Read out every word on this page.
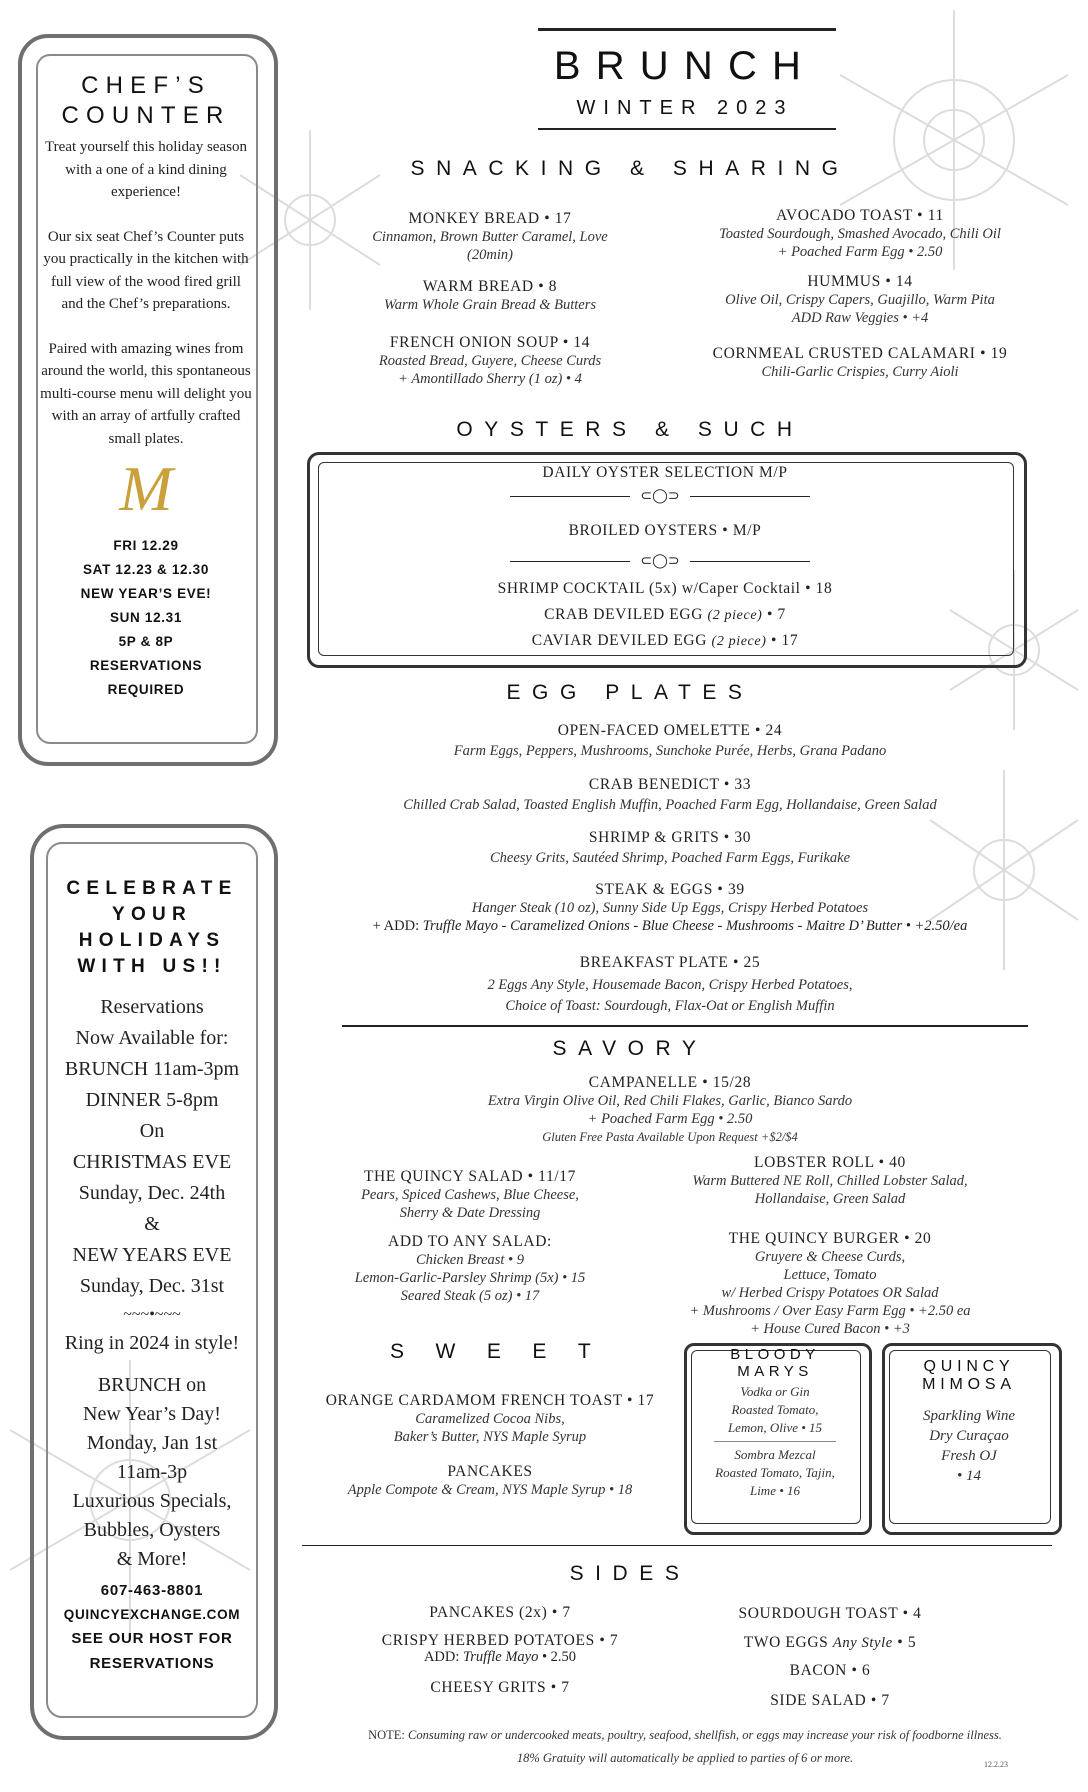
BRUNCH
WINTER 2023
CHEF’S
COUNTER
Treat yourself this holiday season with a one of a kind dining experience!
Our six seat Chef’s Counter puts you practically in the kitchen with full view of the wood fired grill and the Chef’s preparations.
Paired with amazing wines from around the world, this spontaneous multi-course menu will delight you with an array of artfully crafted small plates.
M
FRI 12.29
SAT 12.23 & 12.30
NEW YEAR’S EVE!
SUN 12.31
5P & 8P
RESERVATIONS
REQUIRED
CELEBRATE
YOUR
HOLIDAYS
WITH US!!
Reservations
Now Available for:
BRUNCH 11am-3pm
DINNER 5-8pm
On
CHRISTMAS EVE
Sunday, Dec. 24th
&
NEW YEARS EVE
Sunday, Dec. 31st
~~~•~~~
Ring in 2024 in style!
BRUNCH on
New Year’s Day!
Monday, Jan 1st
11am-3p
Luxurious Specials,
Bubbles, Oysters
& More!
607-463-8801
QUINCYEXCHANGE.COM
SEE OUR HOST FOR
RESERVATIONS
SNACKING & SHARING
MONKEY BREAD • 17
Cinnamon, Brown Butter Caramel, Love
(20min)
WARM BREAD • 8
Warm Whole Grain Bread & Butters
FRENCH ONION SOUP • 14
Roasted Bread, Guyere, Cheese Curds
+ Amontillado Sherry (1 oz) • 4
AVOCADO TOAST • 11
Toasted Sourdough, Smashed Avocado, Chili Oil
+ Poached Farm Egg • 2.50
HUMMUS • 14
Olive Oil, Crispy Capers, Guajillo, Warm Pita
ADD Raw Veggies • +4
CORNMEAL CRUSTED CALAMARI • 19
Chili-Garlic Crispies, Curry Aioli
OYSTERS & SUCH
DAILY OYSTER SELECTION M/P
⊂◯⊃
BROILED OYSTERS • M/P
⊂◯⊃
SHRIMP COCKTAIL (5x) w/Caper Cocktail • 18
CRAB DEVILED EGG (2 piece) • 7
CAVIAR DEVILED EGG (2 piece) • 17
EGG PLATES
OPEN-FACED OMELETTE • 24
Farm Eggs, Peppers, Mushrooms, Sunchoke Purée, Herbs, Grana Padano
CRAB BENEDICT • 33
Chilled Crab Salad, Toasted English Muffin, Poached Farm Egg, Hollandaise, Green Salad
SHRIMP & GRITS • 30
Cheesy Grits, Sautéed Shrimp, Poached Farm Eggs, Furikake
STEAK & EGGS • 39
Hanger Steak (10 oz), Sunny Side Up Eggs, Crispy Herbed Potatoes
+ ADD: Truffle Mayo - Caramelized Onions - Blue Cheese - Mushrooms - Maitre D’ Butter • +2.50/ea
BREAKFAST PLATE • 25
2 Eggs Any Style, Housemade Bacon, Crispy Herbed Potatoes,
Choice of Toast: Sourdough, Flax-Oat or English Muffin
SAVORY
CAMPANELLE • 15/28
Extra Virgin Olive Oil, Red Chili Flakes, Garlic, Bianco Sardo
+ Poached Farm Egg • 2.50
Gluten Free Pasta Available Upon Request +$2/$4
THE QUINCY SALAD • 11/17
Pears, Spiced Cashews, Blue Cheese,
Sherry & Date Dressing
ADD TO ANY SALAD:
Chicken Breast • 9
Lemon-Garlic-Parsley Shrimp (5x) • 15
Seared Steak (5 oz) • 17
LOBSTER ROLL • 40
Warm Buttered NE Roll, Chilled Lobster Salad,
Hollandaise, Green Salad
THE QUINCY BURGER • 20
Gruyere & Cheese Curds,
Lettuce, Tomato
w/ Herbed Crispy Potatoes OR Salad
+ Mushrooms / Over Easy Farm Egg • +2.50 ea
+ House Cured Bacon • +3
SWEET
ORANGE CARDAMOM FRENCH TOAST • 17
Caramelized Cocoa Nibs,
Baker’s Butter, NYS Maple Syrup
PANCAKES
Apple Compote & Cream, NYS Maple Syrup • 18
BLOODY
MARYS
Vodka or Gin
Roasted Tomato,
Lemon, Olive • 15
Sombra Mezcal
Roasted Tomato, Tajin,
Lime • 16
QUINCY
MIMOSA
Sparkling Wine
Dry Curaçao
Fresh OJ
• 14
SIDES
PANCAKES (2x) • 7
CRISPY HERBED POTATOES • 7
ADD: Truffle Mayo • 2.50
CHEESY GRITS • 7
SOURDOUGH TOAST • 4
TWO EGGS Any Style • 5
BACON • 6
SIDE SALAD • 7
NOTE: Consuming raw or undercooked meats, poultry, seafood, shellfish, or eggs may increase your risk of foodborne illness.
18% Gratuity will automatically be applied to parties of 6 or more.	12.2.23
